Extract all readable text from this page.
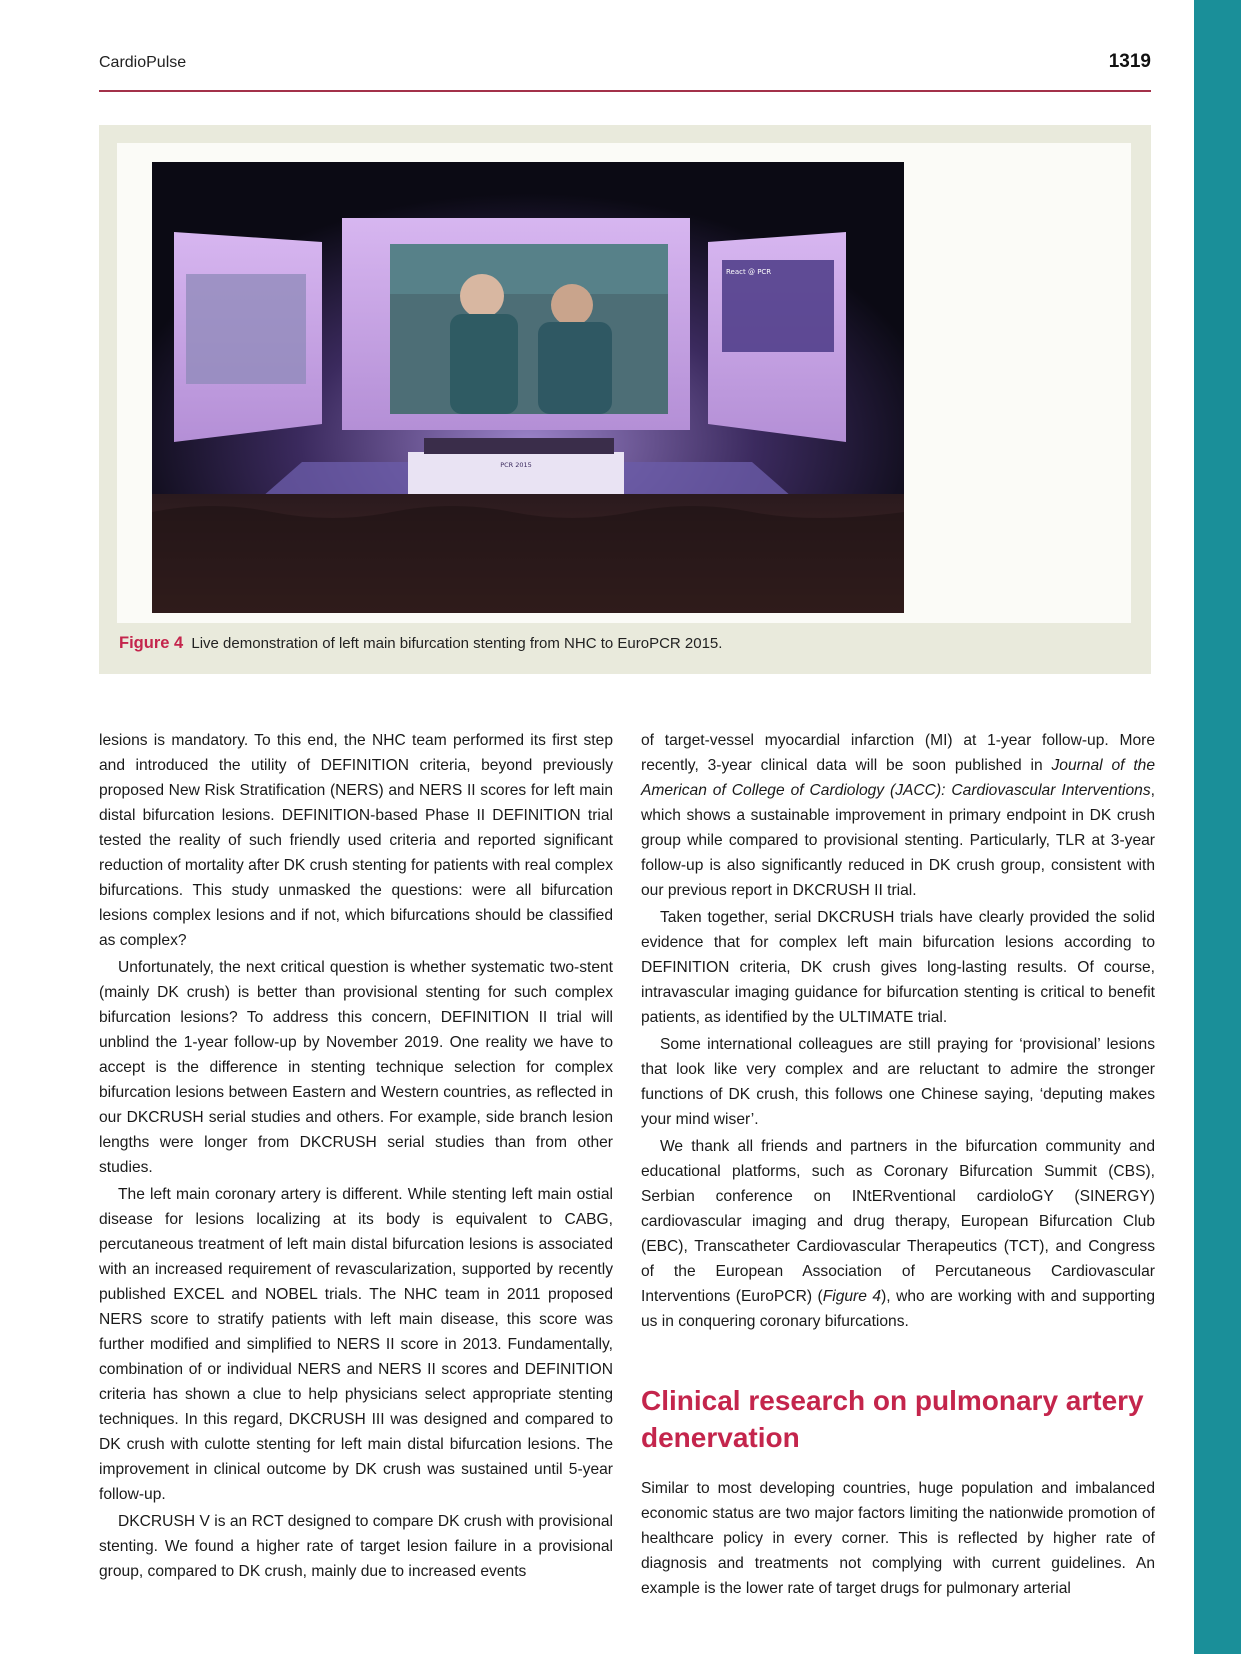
CardioPulse	1319
React @ PCR
PCR 2015
Figure 4 Live demonstration of left main bifurcation stenting from NHC to EuroPCR 2015.

lesions is mandatory. To this end, the NHC team performed its first step and introduced the utility of DEFINITION criteria, beyond previously proposed New Risk Stratification (NERS) and NERS II scores for left main distal bifurcation lesions. DEFINITION-based Phase II DEFINITION trial tested the reality of such friendly used criteria and reported significant reduction of mortality after DK crush stenting for patients with real complex bifurcations. This study unmasked the questions: were all bifurcation lesions complex lesions and if not, which bifurcations should be classified as complex?

Unfortunately, the next critical question is whether systematic two-stent (mainly DK crush) is better than provisional stenting for such complex bifurcation lesions? To address this concern, DEFINITION II trial will unblind the 1-year follow-up by November 2019. One reality we have to accept is the difference in stenting technique selection for complex bifurcation lesions between Eastern and Western countries, as reflected in our DKCRUSH serial studies and others. For example, side branch lesion lengths were longer from DKCRUSH serial studies than from other studies.

The left main coronary artery is different. While stenting left main ostial disease for lesions localizing at its body is equivalent to CABG, percutaneous treatment of left main distal bifurcation lesions is associated with an increased requirement of revascularization, supported by recently published EXCEL and NOBEL trials. The NHC team in 2011 proposed NERS score to stratify patients with left main disease, this score was further modified and simplified to NERS II score in 2013. Fundamentally, combination of or individual NERS and NERS II scores and DEFINITION criteria has shown a clue to help physicians select appropriate stenting techniques. In this regard, DKCRUSH III was designed and compared to DK crush with culotte stenting for left main distal bifurcation lesions. The improvement in clinical outcome by DK crush was sustained until 5-year follow-up.

DKCRUSH V is an RCT designed to compare DK crush with provisional stenting. We found a higher rate of target lesion failure in a provisional group, compared to DK crush, mainly due to increased events

of target-vessel myocardial infarction (MI) at 1-year follow-up. More recently, 3-year clinical data will be soon published in Journal of the American of College of Cardiology (JACC): Cardiovascular Interventions, which shows a sustainable improvement in primary endpoint in DK crush group while compared to provisional stenting. Particularly, TLR at 3-year follow-up is also significantly reduced in DK crush group, consistent with our previous report in DKCRUSH II trial.

Taken together, serial DKCRUSH trials have clearly provided the solid evidence that for complex left main bifurcation lesions according to DEFINITION criteria, DK crush gives long-lasting results. Of course, intravascular imaging guidance for bifurcation stenting is critical to benefit patients, as identified by the ULTIMATE trial.

Some international colleagues are still praying for ‘provisional’ lesions that look like very complex and are reluctant to admire the stronger functions of DK crush, this follows one Chinese saying, ‘deputing makes your mind wiser’.

We thank all friends and partners in the bifurcation community and educational platforms, such as Coronary Bifurcation Summit (CBS), Serbian conference on INtERventional cardioloGY (SINERGY) cardiovascular imaging and drug therapy, European Bifurcation Club (EBC), Transcatheter Cardiovascular Therapeutics (TCT), and Congress of the European Association of Percutaneous Cardiovascular Interventions (EuroPCR) (Figure 4), who are working with and supporting us in conquering coronary bifurcations.

Clinical research on pulmonary artery denervation

Similar to most developing countries, huge population and imbalanced economic status are two major factors limiting the nationwide promotion of healthcare policy in every corner. This is reflected by higher rate of diagnosis and treatments not complying with current guidelines. An example is the lower rate of target drugs for pulmonary arterial
